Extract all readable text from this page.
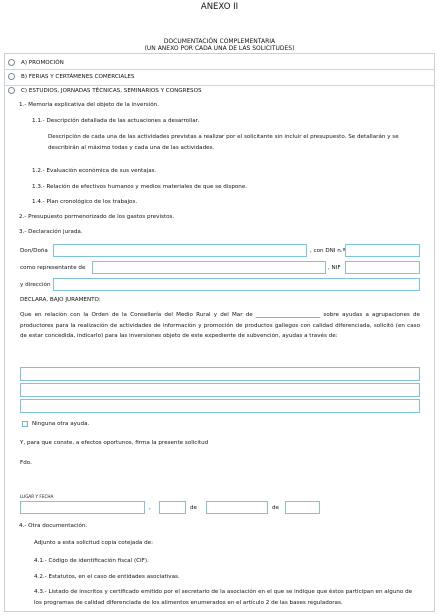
ANEXO II
DOCUMENTACIÓN COMPLEMENTARIA
(UN ANEXO POR CADA UNA DE LAS SOLICITUDES)
A) PROMOCIÓN
B) FERIAS Y CERTÁMENES COMERCIALES
C) ESTUDIOS, JORNADAS TÉCNICAS, SEMINARIOS Y CONGRESOS
1.- Memoria explicativa del objeto de la inversión.
1.1.- Descripción detallada de las actuaciones a desarrollar.
Descripción de cada una de las actividades previstas a realizar por el solicitante sin incluir el presupuesto. Se detallarán y se describirán al máximo todas y cada una de las actividades.
1.2.- Evaluación económica de sus ventajas.
1.3.- Relación de efectivos humanos y medios materiales de que se dispone.
1.4.- Plan cronológico de los trabajos.
2.- Presupuesto pormenorizado de los gastos previstos.
3.- Declaración jurada.
Don/Doña	, con DNI n.º
como representante de	, NIF
y dirección
DECLARA, BAJO JURAMENTO:
Que en relación con la Orden de la Consellería del Medio Rural y del Mar de _______________________ sobre ayudas a agrupaciones de productores para la realización de actividades de información y promoción de productos gallegos con calidad diferenciada, solicitó (en caso de estar concedida, indicarlo) para las inversiones objeto de este expediente de subvención, ayudas a través de:
Ninguna otra ayuda.
Y, para que conste, a efectos oportunos, firma la presente solicitud
Fdo.
LUGAR Y FECHA
,	de	de
4.- Otra documentación.
Adjunto a esta solicitud copia cotejada de:
4.1.- Código de identificación fiscal (CIF).
4.2.- Estatutos, en el caso de entidades asociativas.
4.3.- Listado de inscritos y certificado emitido por el secretario de la asociación en el que se indique que éstos participan en alguno de los programas de calidad diferenciada de los alimentos enumerados en el artículo 2 de las bases reguladoras.
